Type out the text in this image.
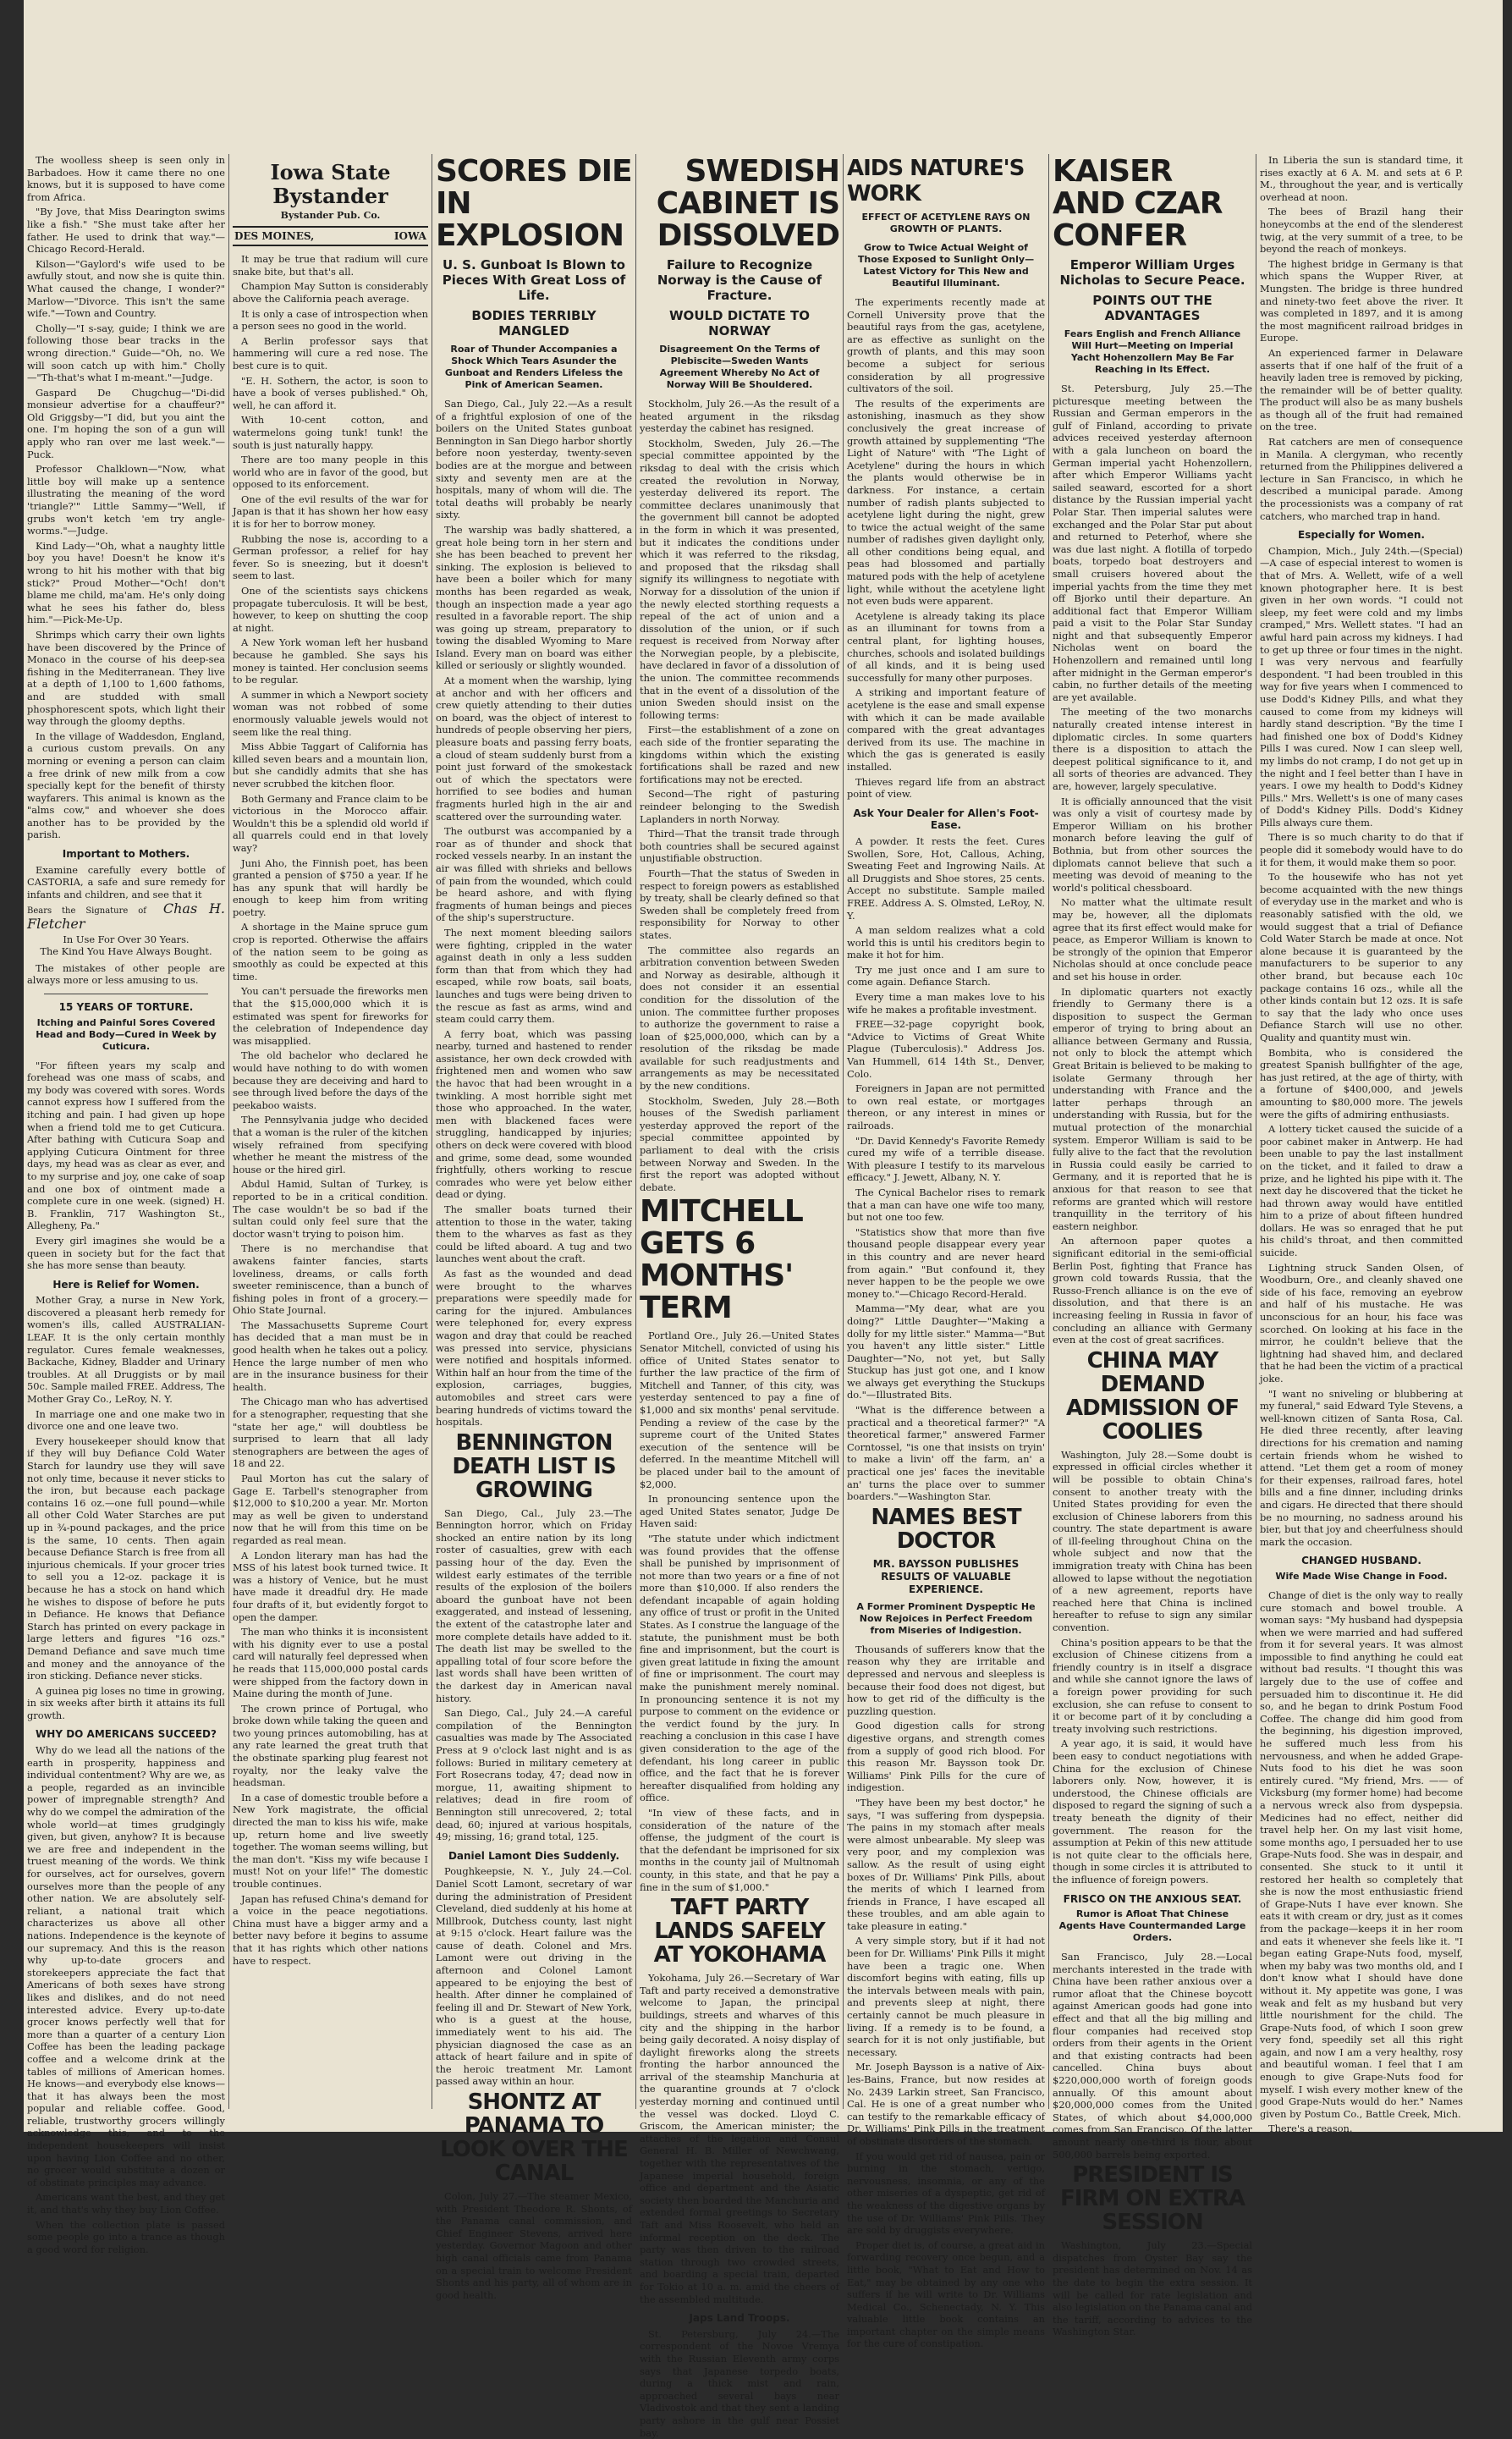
The woolless sheep is seen only in Barbadoes. How it came there no one knows, but it is supposed to have come from Africa.

"By Jove, that Miss Dearington swims like a fish." "She must take after her father. He used to drink that way."—Chicago Record-Herald.

Kilson—"Gaylord's wife used to be awfully stout, and now she is quite thin. What caused the change, I wonder?" Marlow—"Divorce. This isn't the same wife."—Town and Country.

Cholly—"I s-say, guide; I think we are following those bear tracks in the wrong direction." Guide—"Oh, no. We will soon catch up with him." Cholly—"Th-that's what I m-meant."—Judge.

Gaspard De Chugchug—"Di-did monsieur advertise for a chauffeur?" Old Griggsby—"I did, but you aint the one. I'm hoping the son of a gun will apply who ran over me last week."—Puck.

Professor Chalklown—"Now, what little boy will make up a sentence illustrating the meaning of the word 'triangle?'" Little Sammy—"Well, if grubs won't ketch 'em try angle-worms."—Judge.

Kind Lady—"Oh, what a naughty little boy you have! Doesn't he know it's wrong to hit his mother with that big stick?" Proud Mother—"Och! don't blame me child, ma'am. He's only doing what he sees his father do, bless him."—Pick-Me-Up.

Shrimps which carry their own lights have been discovered by the Prince of Monaco in the course of his deep-sea fishing in the Mediterranean. They live at a depth of 1,100 to 1,600 fathoms, and are studded with small phosphorescent spots, which light their way through the gloomy depths.

In the village of Waddesdon, England, a curious custom prevails. On any morning or evening a person can claim a free drink of new milk from a cow specially kept for the benefit of thirsty wayfarers. This animal is known as the "alms cow," and whoever she does another has to be provided by the parish.

Important to Mothers.

Examine carefully every bottle of CASTORIA, a safe and sure remedy for infants and children, and see that it

Bears the Signature of Chas H. Fletcher
In Use For Over 30 Years.
The Kind You Have Always Bought.

The mistakes of other people are always more or less amusing to us.

15 YEARS OF TORTURE.
Itching and Painful Sores Covered Head and Body—Cured in Week by Cuticura.

"For fifteen years my scalp and forehead was one mass of scabs, and my body was covered with sores. Words cannot express how I suffered from the itching and pain. I had given up hope when a friend told me to get Cuticura. After bathing with Cuticura Soap and applying Cuticura Ointment for three days, my head was as clear as ever, and to my surprise and joy, one cake of soap and one box of ointment made a complete cure in one week. (signed) H. B. Franklin, 717 Washington St., Allegheny, Pa."

Every girl imagines she would be a queen in society but for the fact that she has more sense than beauty.

Here is Relief for Women.

Mother Gray, a nurse in New York, discovered a pleasant herb remedy for women's ills, called AUSTRALIAN-LEAF. It is the only certain monthly regulator. Cures female weaknesses, Backache, Kidney, Bladder and Urinary troubles. At all Druggists or by mail 50c. Sample mailed FREE. Address, The Mother Gray Co., LeRoy, N. Y.

In marriage one and one make two in divorce one and one leave two.

Every housekeeper should know that if they will buy Defiance Cold Water Starch for laundry use they will save not only time, because it never sticks to the iron, but because each package contains 16 oz.—one full pound—while all other Cold Water Starches are put up in ¾-pound packages, and the price is the same, 10 cents. Then again because Defiance Starch is free from all injurious chemicals. If your grocer tries to sell you a 12-oz. package it is because he has a stock on hand which he wishes to dispose of before he puts in Defiance. He knows that Defiance Starch has printed on every package in large letters and figures "16 ozs." Demand Defiance and save much time and money and the annoyance of the iron sticking. Defiance never sticks.

A guinea pig loses no time in growing, in six weeks after birth it attains its full growth.

WHY DO AMERICANS SUCCEED?

Why do we lead all the nations of the earth in prosperity, happiness and individual contentment? Why are we, as a people, regarded as an invincible power of impregnable strength? And why do we compel the admiration of the whole world—at times grudgingly given, but given, anyhow? It is because we are free and independent in the truest meaning of the words. We think for ourselves, act for ourselves, govern ourselves more than the people of any other nation. We are absolutely self-reliant, a national trait which characterizes us above all other nations. Independence is the keynote of our supremacy. And this is the reason why up-to-date grocers and storekeepers appreciate the fact that Americans of both sexes have strong likes and dislikes, and do not need interested advice. Every up-to-date grocer knows perfectly well that for more than a quarter of a century Lion Coffee has been the leading package coffee and a welcome drink at the tables of millions of American homes. He knows—and everybody else knows—that it has always been the most popular and reliable coffee. Good, reliable, trustworthy grocers willingly acknowledge this, and to the independent housekeepers will insist upon having Lion Coffee and no other, no grocer would substitute a dozen or of obstinate principles may advance.

Americans want the best, and they get it, and that's why they buy Lion Coffee.

When the collection plate is passed some people go into a trance as though a good word for religion.

Iowa State Bystander
Bystander Pub. Co.
DES MOINES,	IOWA

It may be true that radium will cure snake bite, but that's all.

Champion May Sutton is considerably above the California peach average.

It is only a case of introspection when a person sees no good in the world.

A Berlin professor says that hammering will cure a red nose. The best cure is to quit.

"E. H. Sothern, the actor, is soon to have a book of verses published." Oh, well, he can afford it.

With 10-cent cotton, and watermelons going tunk! tunk! the south is just naturally happy.

There are too many people in this world who are in favor of the good, but opposed to its enforcement.

One of the evil results of the war for Japan is that it has shown her how easy it is for her to borrow money.

Rubbing the nose is, according to a German professor, a relief for hay fever. So is sneezing, but it doesn't seem to last.

One of the scientists says chickens propagate tuberculosis. It will be best, however, to keep on shutting the coop at night.

A New York woman left her husband because he gambled. She says his money is tainted. Her conclusion seems to be regular.

A summer in which a Newport society woman was not robbed of some enormously valuable jewels would not seem like the real thing.

Miss Abbie Taggart of California has killed seven bears and a mountain lion, but she candidly admits that she has never scrubbed the kitchen floor.

Both Germany and France claim to be victorious in the Morocco affair. Wouldn't this be a splendid old world if all quarrels could end in that lovely way?

Juni Aho, the Finnish poet, has been granted a pension of $750 a year. If he has any spunk that will hardly be enough to keep him from writing poetry.

A shortage in the Maine spruce gum crop is reported. Otherwise the affairs of the nation seem to be going as smoothly as could be expected at this time.

You can't persuade the fireworks men that the $15,000,000 which it is estimated was spent for fireworks for the celebration of Independence day was misapplied.

The old bachelor who declared he would have nothing to do with women because they are deceiving and hard to see through lived before the days of the peekaboo waists.

The Pennsylvania judge who decided that a woman is the ruler of the kitchen wisely refrained from specifying whether he meant the mistress of the house or the hired girl.

Abdul Hamid, Sultan of Turkey, is reported to be in a critical condition. The case wouldn't be so bad if the sultan could only feel sure that the doctor wasn't trying to poison him.

There is no merchandise that awakens fainter fancies, starts loveliness, dreams, or calls forth sweeter reminiscence, than a bunch of fishing poles in front of a grocery.—Ohio State Journal.

The Massachusetts Supreme Court has decided that a man must be in good health when he takes out a policy. Hence the large number of men who are in the insurance business for their health.

The Chicago man who has advertised for a stenographer, requesting that she "state her age," will doubtless be surprised to learn that all lady stenographers are between the ages of 18 and 22.

Paul Morton has cut the salary of Gage E. Tarbell's stenographer from $12,000 to $10,200 a year. Mr. Morton may as well be given to understand now that he will from this time on be regarded as real mean.

A London literary man has had the MSS of his latest book turned twice. It was a history of Venice, but he must have made it dreadful dry. He made four drafts of it, but evidently forgot to open the damper.

The man who thinks it is inconsistent with his dignity ever to use a postal card will naturally feel depressed when he reads that 115,000,000 postal cards were shipped from the factory down in Maine during the month of June.

The crown prince of Portugal, who broke down while taking the queen and two young princes automobiling, has at any rate learned the great truth that the obstinate sparking plug fearest not royalty, nor the leaky valve the headsman.

In a case of domestic trouble before a New York magistrate, the official directed the man to kiss his wife, make up, return home and live sweetly together. The woman seems willing, but the man don't. "Kiss my wife because I must! Not on your life!" The domestic trouble continues.

Japan has refused China's demand for a voice in the peace negotiations. China must have a bigger army and a better navy before it begins to assume that it has rights which other nations have to respect.

SCORES DIE IN EXPLOSION
U. S. Gunboat Is Blown to Pieces With Great Loss of Life.
BODIES TERRIBLY MANGLED
Roar of Thunder Accompanies a Shock Which Tears Asunder the Gunboat and Renders Lifeless the Pink of American Seamen.

San Diego, Cal., July 22.—As a result of a frightful explosion of one of the boilers on the United States gunboat Bennington in San Diego harbor shortly before noon yesterday, twenty-seven bodies are at the morgue and between sixty and seventy men are at the hospitals, many of whom will die. The total deaths will probably be nearly sixty.

The warship was badly shattered, a great hole being torn in her stern and she has been beached to prevent her sinking. The explosion is believed to have been a boiler which for many months has been regarded as weak, though an inspection made a year ago resulted in a favorable report. The ship was going up stream, preparatory to towing the disabled Wyoming to Mare Island. Every man on board was either killed or seriously or slightly wounded.

At a moment when the warship, lying at anchor and with her officers and crew quietly attending to their duties on board, was the object of interest to hundreds of people observing her piers, pleasure boats and passing ferry boats, a cloud of steam suddenly burst from a point just forward of the smokestack out of which the spectators were horrified to see bodies and human fragments hurled high in the air and scattered over the surrounding water.

The outburst was accompanied by a roar as of thunder and shock that rocked vessels nearby. In an instant the air was filled with shrieks and bellows of pain from the wounded, which could be heard ashore, and with flying fragments of human beings and pieces of the ship's superstructure.

The next moment bleeding sailors were fighting, crippled in the water against death in only a less sudden form than that from which they had escaped, while row boats, sail boats, launches and tugs were being driven to the rescue as fast as arms, wind and steam could carry them.

A ferry boat, which was passing nearby, turned and hastened to render assistance, her own deck crowded with frightened men and women who saw the havoc that had been wrought in a twinkling. A most horrible sight met those who approached. In the water, men with blackened faces were struggling, handicapped by injuries; others on deck were covered with blood and grime, some dead, some wounded frightfully, others working to rescue comrades who were yet below either dead or dying.

The smaller boats turned their attention to those in the water, taking them to the wharves as fast as they could be lifted aboard. A tug and two launches went about the craft.

As fast as the wounded and dead were brought to the wharves preparations were speedily made for caring for the injured. Ambulances were telephoned for, every express wagon and dray that could be reached was pressed into service, physicians were notified and hospitals informed. Within half an hour from the time of the explosion, carriages, buggies, automobiles and street cars were bearing hundreds of victims toward the hospitals.

BENNINGTON DEATH LIST IS GROWING

San Diego, Cal., July 23.—The Bennington horror, which on Friday shocked an entire nation by its long roster of casualties, grew with each passing hour of the day. Even the wildest early estimates of the terrible results of the explosion of the boilers aboard the gunboat have not been exaggerated, and instead of lessening, the extent of the catastrophe later and more complete details have added to it. The death list may be swelled to the appalling total of four score before the last words shall have been written of the darkest day in American naval history.

San Diego, Cal., July 24.—A careful compilation of the Bennington casualties was made by The Associated Press at 9 o'clock last night and is as follows: Buried in military cemetery at Fort Rosecrans today, 47; dead now in morgue, 11, awaiting shipment to relatives; dead in fire room of Bennington still unrecovered, 2; total dead, 60; injured at various hospitals, 49; missing, 16; grand total, 125.

Daniel Lamont Dies Suddenly.

Poughkeepsie, N. Y., July 24.—Col. Daniel Scott Lamont, secretary of war during the administration of President Cleveland, died suddenly at his home at Millbrook, Dutchess county, last night at 9:15 o'clock. Heart failure was the cause of death. Colonel and Mrs. Lamont were out driving in the afternoon and Colonel Lamont appeared to be enjoying the best of health. After dinner he complained of feeling ill and Dr. Stewart of New York, who is a guest at the house, immediately went to his aid. The physician diagnosed the case as an attack of heart failure and in spite of the heroic treatment Mr. Lamont passed away within an hour.

SHONTZ AT PANAMA TO LOOK OVER THE CANAL

Colon, July 27.—The steamer Mexico, with President Theodore R. Shonts, of the Panama canal commission, and Chief Engineer Stevens, arrived here yesterday. Governor Magoon and other high canal officials came from Panama on a special train to welcome President Shonts and his party, all of whom are in good health.

SWEDISH CABINET IS DISSOLVED
Failure to Recognize Norway is the Cause of Fracture.
WOULD DICTATE TO NORWAY
Disagreement On the Terms of Plebiscite—Sweden Wants Agreement Whereby No Act of Norway Will Be Shouldered.

Stockholm, July 26.—As the result of a heated argument in the riksdag yesterday the cabinet has resigned.

Stockholm, Sweden, July 26.—The special committee appointed by the riksdag to deal with the crisis which created the revolution in Norway, yesterday delivered its report. The committee declares unanimously that the government bill cannot be adopted in the form in which it was presented, but it indicates the conditions under which it was referred to the riksdag, and proposed that the riksdag shall signify its willingness to negotiate with Norway for a dissolution of the union if the newly elected storthing requests a repeal of the act of union and a dissolution of the union, or if such request is received from Norway after the Norwegian people, by a plebiscite, have declared in favor of a dissolution of the union. The committee recommends that in the event of a dissolution of the union Sweden should insist on the following terms:

First—the establishment of a zone on each side of the frontier separating the kingdoms within which the existing fortifications shall be razed and new fortifications may not be erected.

Second—The right of pasturing reindeer belonging to the Swedish Laplanders in north Norway.

Third—That the transit trade through both countries shall be secured against unjustifiable obstruction.

Fourth—That the status of Sweden in respect to foreign powers as established by treaty, shall be clearly defined so that Sweden shall be completely freed from responsibility for Norway to other states.

The committee also regards an arbitration convention between Sweden and Norway as desirable, although it does not consider it an essential condition for the dissolution of the union. The committee further proposes to authorize the government to raise a loan of $25,000,000, which can by a resolution of the riksdag be made available for such readjustments and arrangements as may be necessitated by the new conditions.

Stockholm, Sweden, July 28.—Both houses of the Swedish parliament yesterday approved the report of the special committee appointed by parliament to deal with the crisis between Norway and Sweden. In the first the report was adopted without debate.

MITCHELL GETS 6 MONTHS' TERM

Portland Ore., July 26.—United States Senator Mitchell, convicted of using his office of United States senator to further the law practice of the firm of Mitchell and Tanner, of this city, was yesterday sentenced to pay a fine of $1,000 and six months' penal servitude. Pending a review of the case by the supreme court of the United States execution of the sentence will be deferred. In the meantime Mitchell will be placed under bail to the amount of $2,000.

In pronouncing sentence upon the aged United States senator, Judge De Haven said:

"The statute under which indictment was found provides that the offense shall be punished by imprisonment of not more than two years or a fine of not more than $10,000. If also renders the defendant incapable of again holding any office of trust or profit in the United States. As I construe the language of the statute, the punishment must be both fine and imprisonment, but the court is given great latitude in fixing the amount of fine or imprisonment. The court may make the punishment merely nominal. In pronouncing sentence it is not my purpose to comment on the evidence or the verdict found by the jury. In reaching a conclusion in this case I have given consideration to the age of the defendant, his long career in public office, and the fact that he is forever hereafter disqualified from holding any office.

"In view of these facts, and in consideration of the nature of the offense, the judgment of the court is that the defendant be imprisoned for six months in the county jail of Multnomah county, in this state, and that he pay a fine in the sum of $1,000."

TAFT PARTY LANDS SAFELY AT YOKOHAMA

Yokohama, July 26.—Secretary of War Taft and party received a demonstrative welcome to Japan, the principal buildings, streets and wharves of this city and the shipping in the harbor being gaily decorated. A noisy display of daylight fireworks along the streets fronting the harbor announced the arrival of the steamship Manchuria at the quarantine grounds at 7 o'clock yesterday morning and continued until the vessel was docked. Lloyd C. Griscom, the American minister; the attaches of the legation and Consul General H. B. Miller of Newchwang, together with the representatives of the Japanese imperial household, foreign office and department and the Asiatic society then boarded the Manchuria and extended formal greetings to Secretary Taft and Miss Roosevelt, who held an informal reception on the deck. The party was then driven to the railroad station through two crowded streets, and boarding a special train, departed for Tokio at 10 a. m. amid the cheers of the assembled multitude.

Japs Land Troops.

St. Petersburg, July 24.—The correspondent of the Novoe Vremya with the Russian Eleventh army corps says that Japanese torpedo boats, during a thick mist and rain, approached several bays near Vladivostok and that they sent a landing party ashore in the gulf near Possiet bay.

AIDS NATURE'S WORK
EFFECT OF ACETYLENE RAYS ON GROWTH OF PLANTS.
Grow to Twice Actual Weight of Those Exposed to Sunlight Only—Latest Victory for This New and Beautiful Illuminant.

The experiments recently made at Cornell University prove that the beautiful rays from the gas, acetylene, are as effective as sunlight on the growth of plants, and this may soon become a subject for serious consideration by all progressive cultivators of the soil.

The results of the experiments are astonishing, inasmuch as they show conclusively the great increase of growth attained by supplementing "The Light of Nature" with "The Light of Acetylene" during the hours in which the plants would otherwise be in darkness. For instance, a certain number of radish plants subjected to acetylene light during the night, grew to twice the actual weight of the same number of radishes given daylight only, all other conditions being equal, and peas had blossomed and partially matured pods with the help of acetylene light, while without the acetylene light not even buds were apparent.

Acetylene is already taking its place as an illuminant for towns from a central plant, for lighting houses, churches, schools and isolated buildings of all kinds, and it is being used successfully for many other purposes.

A striking and important feature of acetylene is the ease and small expense with which it can be made available compared with the great advantages derived from its use. The machine in which the gas is generated is easily installed.

Thieves regard life from an abstract point of view.

Ask Your Dealer for Allen's Foot-Ease.

A powder. It rests the feet. Cures Swollen, Sore, Hot, Callous, Aching, Sweating Feet and Ingrowing Nails. At all Druggists and Shoe stores, 25 cents. Accept no substitute. Sample mailed FREE. Address A. S. Olmsted, LeRoy, N. Y.

A man seldom realizes what a cold world this is until his creditors begin to make it hot for him.

Try me just once and I am sure to come again. Defiance Starch.

Every time a man makes love to his wife he makes a profitable investment.

FREE—32-page copyright book, "Advice to Victims of Great White Plague (Tuberculosis)." Address Jos. Van Hummell, 614 14th St., Denver, Colo.

Foreigners in Japan are not permitted to own real estate, or mortgages thereon, or any interest in mines or railroads.

"Dr. David Kennedy's Favorite Remedy cured my wife of a terrible disease. With pleasure I testify to its marvelous efficacy." J. Jewett, Albany, N. Y.

The Cynical Bachelor rises to remark that a man can have one wife too many, but not one too few.

"Statistics show that more than five thousand people disappear every year in this country and are never heard from again." "But confound it, they never happen to be the people we owe money to."—Chicago Record-Herald.

Mamma—"My dear, what are you doing?" Little Daughter—"Making a dolly for my little sister." Mamma—"But you haven't any little sister." Little Daughter—"No, not yet, but Sally Stuckup has just got one, and I know we always get everything the Stuckups do."—Illustrated Bits.

"What is the difference between a practical and a theoretical farmer?" "A theoretical farmer," answered Farmer Corntossel, "is one that insists on tryin' to make a livin' off the farm, an' a practical one jes' faces the inevitable an' turns the place over to summer boarders."—Washington Star.

NAMES BEST DOCTOR
MR. BAYSSON PUBLISHES RESULTS OF VALUABLE EXPERIENCE.
A Former Prominent Dyspeptic He Now Rejoices in Perfect Freedom from Miseries of Indigestion.

Thousands of sufferers know that the reason why they are irritable and depressed and nervous and sleepless is because their food does not digest, but how to get rid of the difficulty is the puzzling question.

Good digestion calls for strong digestive organs, and strength comes from a supply of good rich blood. For this reason Mr. Baysson took Dr. Williams' Pink Pills for the cure of indigestion.

"They have been my best doctor," he says, "I was suffering from dyspepsia. The pains in my stomach after meals were almost unbearable. My sleep was very poor, and my complexion was sallow. As the result of using eight boxes of Dr. Williams' Pink Pills, about the merits of which I learned from friends in France, I have escaped all these troubles, and am able again to take pleasure in eating."

A very simple story, but if it had not been for Dr. Williams' Pink Pills it might have been a tragic one. When discomfort begins with eating, fills up the intervals between meals with pain, and prevents sleep at night, there certainly cannot be much pleasure in living. If a remedy is to be found, a search for it is not only justifiable, but necessary.

Mr. Joseph Baysson is a native of Aix-les-Bains, France, but now resides at No. 2439 Larkin street, San Francisco, Cal. He is one of a great number who can testify to the remarkable efficacy of Dr. Williams' Pink Pills in the treatment of obstinate disorders of the stomach.

If you would get rid of nausea, pain or burning in the stomach, vertigo, nervousness, insomnia, or any of the other miseries of a dyspeptic, get rid of the weakness of the digestive organs by the use of Dr. Williams' Pink Pills. They are sold by druggists everywhere.

Proper diet is, of course, a great aid in forwarding recovery once begun, and a little book, "What to Eat and How to Eat," may be obtained by any one who suffers if he will write to Dr. Williams Medical Co., Schenectady, N. Y. This valuable little book contains an important chapter on the simple means for the cure of constipation.

KAISER AND CZAR CONFER
Emperor William Urges Nicholas to Secure Peace.
POINTS OUT THE ADVANTAGES
Fears English and French Alliance Will Hurt—Meeting on Imperial Yacht Hohenzollern May Be Far Reaching in Its Effect.

St. Petersburg, July 25.—The picturesque meeting between the Russian and German emperors in the gulf of Finland, according to private advices received yesterday afternoon with a gala luncheon on board the German imperial yacht Hohenzollern, after which Emperor Williams yacht sailed seaward, escorted for a short distance by the Russian imperial yacht Polar Star. Then imperial salutes were exchanged and the Polar Star put about and returned to Peterhof, where she was due last night. A flotilla of torpedo boats, torpedo boat destroyers and small cruisers hovered about the imperial yachts from the time they met off Bjorko until their departure. An additional fact that Emperor William paid a visit to the Polar Star Sunday night and that subsequently Emperor Nicholas went on board the Hohenzollern and remained until long after midnight in the German emperor's cabin, no further details of the meeting are yet available.

The meeting of the two monarchs naturally created intense interest in diplomatic circles. In some quarters there is a disposition to attach the deepest political significance to it, and all sorts of theories are advanced. They are, however, largely speculative.

It is officially announced that the visit was only a visit of courtesy made by Emperor William on his brother monarch before leaving the gulf of Bothnia, but from other sources the diplomats cannot believe that such a meeting was devoid of meaning to the world's political chessboard.

No matter what the ultimate result may be, however, all the diplomats agree that its first effect would make for peace, as Emperor William is known to be strongly of the opinion that Emperor Nicholas should at once conclude peace and set his house in order.

In diplomatic quarters not exactly friendly to Germany there is a disposition to suspect the German emperor of trying to bring about an alliance between Germany and Russia, not only to block the attempt which Great Britain is believed to be making to isolate Germany through her understanding with France and the latter perhaps through an understanding with Russia, but for the mutual protection of the monarchial system. Emperor William is said to be fully alive to the fact that the revolution in Russia could easily be carried to Germany, and it is reported that he is anxious for that reason to see that reforms are granted which will restore tranquillity in the territory of his eastern neighbor.

An afternoon paper quotes a significant editorial in the semi-official Berlin Post, fighting that France has grown cold towards Russia, that the Russo-French alliance is on the eve of dissolution, and that there is an increasing feeling in Russia in favor of concluding an alliance with Germany even at the cost of great sacrifices.

CHINA MAY DEMAND ADMISSION OF COOLIES

Washington, July 28.—Some doubt is expressed in official circles whether it will be possible to obtain China's consent to another treaty with the United States providing for even the exclusion of Chinese laborers from this country. The state department is aware of ill-feeling throughout China on the whole subject and now that the immigration treaty with China has been allowed to lapse without the negotiation of a new agreement, reports have reached here that China is inclined hereafter to refuse to sign any similar convention.

China's position appears to be that the exclusion of Chinese citizens from a friendly country is in itself a disgrace and while she cannot ignore the laws of a foreign power providing for such exclusion, she can refuse to consent to it or become part of it by concluding a treaty involving such restrictions.

A year ago, it is said, it would have been easy to conduct negotiations with China for the exclusion of Chinese laborers only. Now, however, it is understood, the Chinese officials are disposed to regard the signing of such a treaty beneath the dignity of their government. The reason for the assumption at Pekin of this new attitude is not quite clear to the officials here, though in some circles it is attributed to the influence of foreign powers.

FRISCO ON THE ANXIOUS SEAT.
Rumor is Afloat That Chinese Agents Have Countermanded Large Orders.

San Francisco, July 28.—Local merchants interested in the trade with China have been rather anxious over a rumor afloat that the Chinese boycott against American goods had gone into effect and that all the big milling and flour companies had received stop orders from their agents in the Orient and that existing contracts had been cancelled. China buys about $220,000,000 worth of foreign goods annually. Of this amount about $20,000,000 comes from the United States, of which about $4,000,000 comes from San Francisco. Of the latter amount nearly one-third is flour, about 500,000 barrels being exported.

PRESIDENT IS FIRM ON EXTRA SESSION

Washington, July 23.—Special dispatches from Oyster Bay say the president has determined on Nov. 14 as the date to begin the extra session. It will be called for rate legislation and also legislation on the Panama canal and the tariff, according to advices to the Washington Star.

In Liberia the sun is standard time, it rises exactly at 6 A. M. and sets at 6 P. M., throughout the year, and is vertically overhead at noon.

The bees of Brazil hang their honeycombs at the end of the slenderest twig, at the very summit of a tree, to be beyond the reach of monkeys.

The highest bridge in Germany is that which spans the Wupper River, at Mungsten. The bridge is three hundred and ninety-two feet above the river. It was completed in 1897, and it is among the most magnificent railroad bridges in Europe.

An experienced farmer in Delaware asserts that if one half of the fruit of a heavily laden tree is removed by picking, the remainder will be of better quality. The product will also be as many bushels as though all of the fruit had remained on the tree.

Rat catchers are men of consequence in Manila. A clergyman, who recently returned from the Philippines delivered a lecture in San Francisco, in which he described a municipal parade. Among the processionists was a company of rat catchers, who marched trap in hand.

Especially for Women.

Champion, Mich., July 24th.—(Special)—A case of especial interest to women is that of Mrs. A. Wellett, wife of a well known photographer here. It is best given in her own words. "I could not sleep, my feet were cold and my limbs cramped," Mrs. Wellett states. "I had an awful hard pain across my kidneys. I had to get up three or four times in the night. I was very nervous and fearfully despondent. "I had been troubled in this way for five years when I commenced to use Dodd's Kidney Pills, and what they caused to come from my kidneys will hardly stand description. "By the time I had finished one box of Dodd's Kidney Pills I was cured. Now I can sleep well, my limbs do not cramp, I do not get up in the night and I feel better than I have in years. I owe my health to Dodd's Kidney Pills." Mrs. Wellett's is one of many cases of Dodd's Kidney Pills. Dodd's Kidney Pills always cure them.

There is so much charity to do that if people did it somebody would have to do it for them, it would make them so poor.

To the housewife who has not yet become acquainted with the new things of everyday use in the market and who is reasonably satisfied with the old, we would suggest that a trial of Defiance Cold Water Starch be made at once. Not alone because it is guaranteed by the manufacturers to be superior to any other brand, but because each 10c package contains 16 ozs., while all the other kinds contain but 12 ozs. It is safe to say that the lady who once uses Defiance Starch will use no other. Quality and quantity must win.

Bombita, who is considered the greatest Spanish bullfighter of the age, has just retired, at the age of thirty, with a fortune of $400,000, and jewels amounting to $80,000 more. The jewels were the gifts of admiring enthusiasts.

A lottery ticket caused the suicide of a poor cabinet maker in Antwerp. He had been unable to pay the last installment on the ticket, and it failed to draw a prize, and he lighted his pipe with it. The next day he discovered that the ticket he had thrown away would have entitled him to a prize of about fifteen hundred dollars. He was so enraged that he put his child's throat, and then committed suicide.

Lightning struck Sanden Olsen, of Woodburn, Ore., and cleanly shaved one side of his face, removing an eyebrow and half of his mustache. He was unconscious for an hour, his face was scorched. On looking at his face in the mirror, he couldn't believe that the lightning had shaved him, and declared that he had been the victim of a practical joke.

"I want no sniveling or blubbering at my funeral," said Edward Tyle Stevens, a well-known citizen of Santa Rosa, Cal. He died three recently, after leaving directions for his cremation and naming certain friends whom he wished to attend. "Let them get a room of money for their expenses, railroad fares, hotel bills and a fine dinner, including drinks and cigars. He directed that there should be no mourning, no sadness around his bier, but that joy and cheerfulness should mark the occasion.

CHANGED HUSBAND.
Wife Made Wise Change in Food.

Change of diet is the only way to really cure stomach and bowel trouble. A woman says: "My husband had dyspepsia when we were married and had suffered from it for several years. It was almost impossible to find anything he could eat without bad results. "I thought this was largely due to the use of coffee and persuaded him to discontinue it. He did so, and he began to drink Postum Food Coffee. The change did him good from the beginning, his digestion improved, he suffered much less from his nervousness, and when he added Grape-Nuts food to his diet he was soon entirely cured. "My friend, Mrs. —— of Vicksburg (my former home) had become a nervous wreck also from dyspepsia. Medicines had no effect, neither did travel help her. On my last visit home, some months ago, I persuaded her to use Grape-Nuts food. She was in despair, and consented. She stuck to it until it restored her health so completely that she is now the most enthusiastic friend of Grape-Nuts I have ever known. She eats it with cream or dry, just as it comes from the package—keeps it in her room and eats it whenever she feels like it. "I began eating Grape-Nuts food, myself, when my baby was two months old, and I don't know what I should have done without it. My appetite was gone, I was weak and felt as my husband but very little nourishment for the child. The Grape-Nuts food, of which I soon grew very fond, speedily set all this right again, and now I am a very healthy, rosy and beautiful woman. I feel that I am enough to give Grape-Nuts food for myself. I wish every mother knew of the good Grape-Nuts would do her." Names given by Postum Co., Battle Creek, Mich.

There's a reason.
